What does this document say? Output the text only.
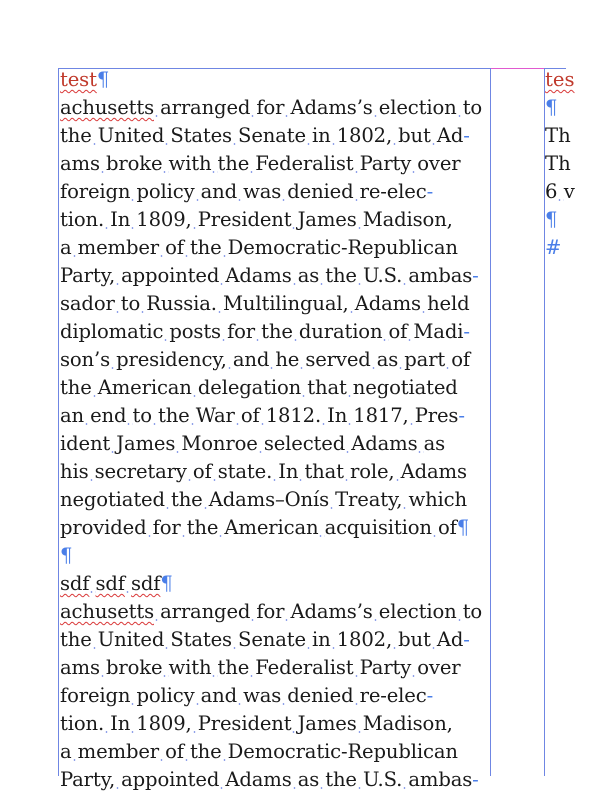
test¶
achusetts arranged for Adams’s election to
the United States Senate in 1802, but Ad-
ams broke with the Federalist Party over
foreign policy and was denied re-elec-
tion. In 1809, President James Madison,
a member of the Democratic-Republican
Party, appointed Adams as the U.S. ambas-
sador to Russia. Multilingual, Adams held
diplomatic posts for the duration of Madi-
son’s presidency, and he served as part of
the American delegation that negotiated
an end to the War of 1812. In 1817, Pres-
ident James Monroe selected Adams as
his secretary of state. In that role, Adams
negotiated the Adams–Onís Treaty, which
provided for the American acquisition of¶
¶
sdf sdf sdf¶
achusetts arranged for Adams’s election to
the United States Senate in 1802, but Ad-
ams broke with the Federalist Party over
foreign policy and was denied re-elec-
tion. In 1809, President James Madison,
a member of the Democratic-Republican
Party, appointed Adams as the U.S. ambas-
tes
¶
Th
Th
6 v
¶
#
